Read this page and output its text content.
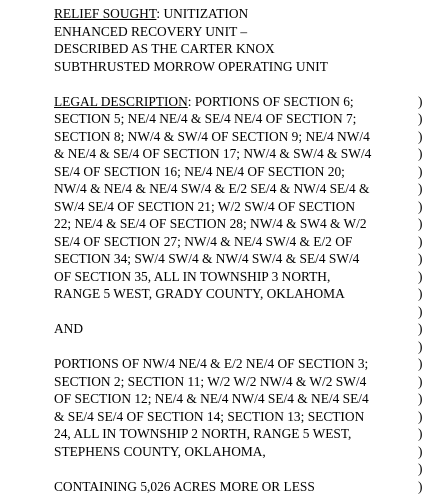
RELIEF SOUGHT: UNITIZATION
ENHANCED RECOVERY UNIT –
DESCRIBED AS THE CARTER KNOX
SUBTHRUSTED MORROW OPERATING UNIT
LEGAL DESCRIPTION: PORTIONS OF SECTION 6;	)
SECTION 5; NE/4 NE/4 & SE/4 NE/4 OF SECTION 7;	)
SECTION 8; NW/4 & SW/4 OF SECTION 9; NE/4 NW/4	)
& NE/4 & SE/4 OF SECTION 17; NW/4 & SW/4 & SW/4	)
SE/4 OF SECTION 16; NE/4 NE/4 OF SECTION 20;	)
NW/4 & NE/4 & NE/4 SW/4 & E/2 SE/4 & NW/4 SE/4 &	)
SW/4 SE/4 OF SECTION 21; W/2 SW/4 OF SECTION	)
22; NE/4 & SE/4 OF SECTION 28; NW/4 & SW4 & W/2	)
SE/4 OF SECTION 27; NW/4 & NE/4 SW/4 & E/2 OF	)
SECTION 34; SW/4 SW/4 & NW/4 SW/4 & SE/4 SW/4	)
OF SECTION 35, ALL IN TOWNSHIP 3 NORTH,	)
RANGE 5 WEST, GRADY COUNTY, OKLAHOMA	)
)
AND	)
)
PORTIONS OF NW/4 NE/4 & E/2 NE/4 OF SECTION 3;	)
SECTION 2; SECTION 11; W/2 W/2 NW/4 & W/2 SW/4	)
OF SECTION 12; NE/4 & NE/4 NW/4 SE/4 & NE/4 SE/4	)
& SE/4 SE/4 OF SECTION 14; SECTION 13; SECTION	)
24, ALL IN TOWNSHIP 2 NORTH, RANGE 5 WEST,	)
STEPHENS COUNTY, OKLAHOMA,	)
)
CONTAINING 5,026 ACRES MORE OR LESS	)
